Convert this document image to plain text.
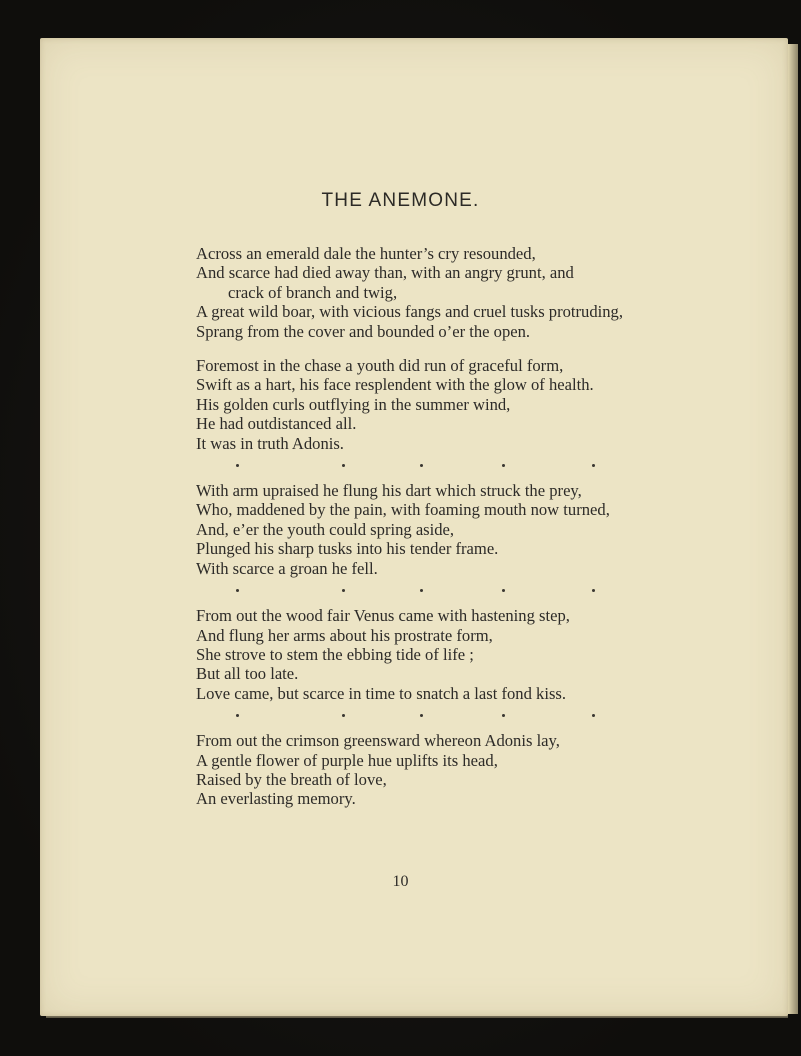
THE ANEMONE.
Across an emerald dale the hunter’s cry resounded,
And scarce had died away than, with an angry grunt, and
crack of branch and twig,
A great wild boar, with vicious fangs and cruel tusks protruding,
Sprang from the cover and bounded o’er the open.
Foremost in the chase a youth did run of graceful form,
Swift as a hart, his face resplendent with the glow of health.
His golden curls outflying in the summer wind,
He had outdistanced all.
It was in truth Adonis.
With arm upraised he flung his dart which struck the prey,
Who, maddened by the pain, with foaming mouth now turned,
And, e’er the youth could spring aside,
Plunged his sharp tusks into his tender frame.
With scarce a groan he fell.
From out the wood fair Venus came with hastening step,
And flung her arms about his prostrate form,
She strove to stem the ebbing tide of life ;
But all too late.
Love came, but scarce in time to snatch a last fond kiss.
From out the crimson greensward whereon Adonis lay,
A gentle flower of purple hue uplifts its head,
Raised by the breath of love,
An everlasting memory.
10
